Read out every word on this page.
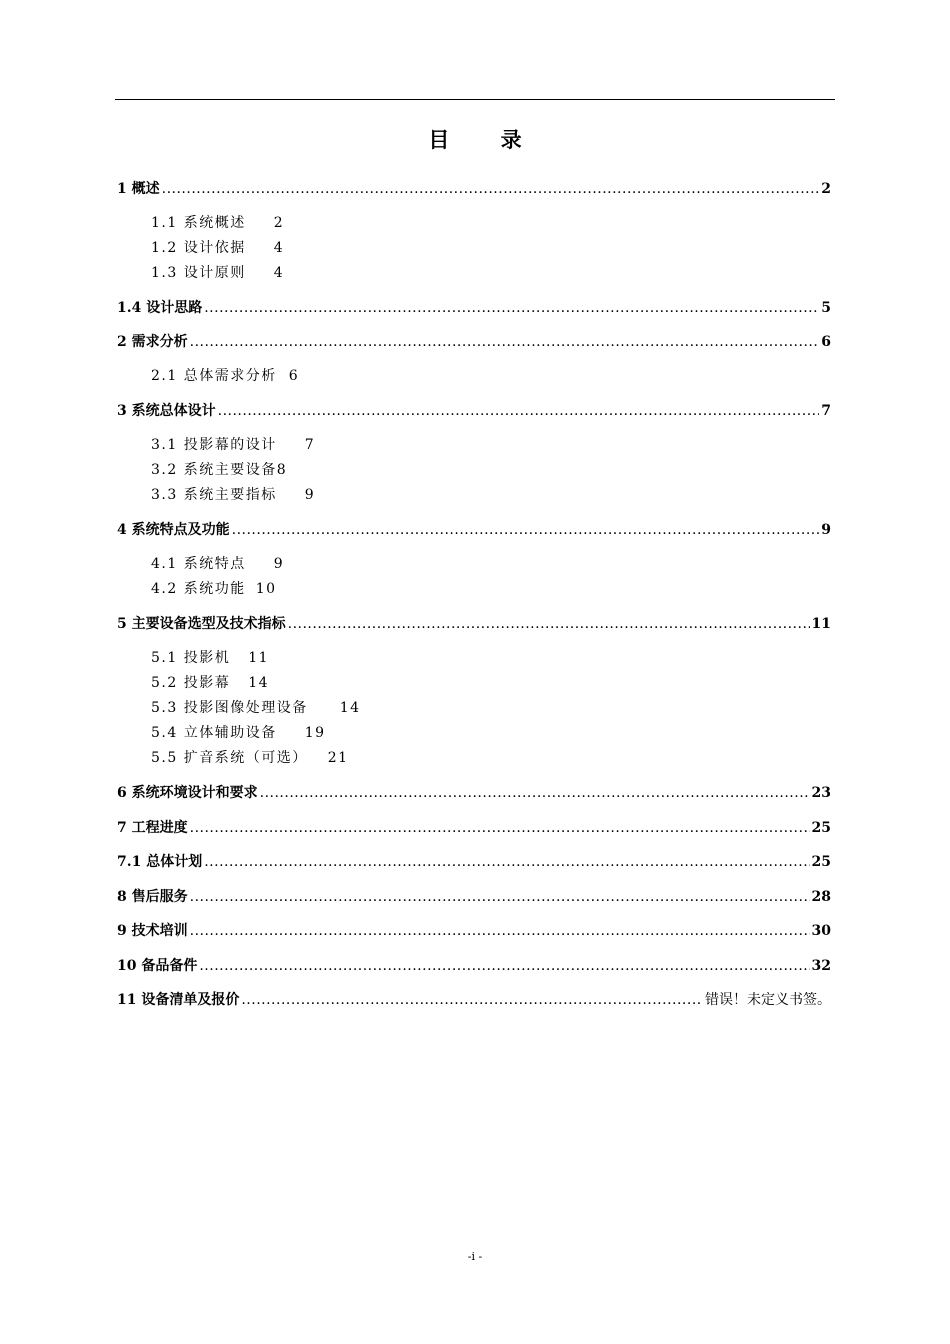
目 录
1 概述 .....	2
1.1 系统概述 2
1.2 设计依据 4
1.3 设计原则 4
1.4 设计思路 .....	5
2 需求分析 .....	6
2.1 总体需求分析 6
3 系统总体设计 .....	7
3.1 投影幕的设计 7
3.2 系统主要设备8
3.3 系统主要指标 9
4 系统特点及功能 .....	9
4.1 系统特点 9
4.2 系统功能 10
5 主要设备选型及技术指标 .....	11
5.1 投影机 11
5.2 投影幕 14
5.3 投影图像处理设备 14
5.4 立体辅助设备 19
5.5 扩音系统（可选） 21
6 系统环境设计和要求 .....	23
7 工程进度 .....	25
7.1 总体计划 .....	25
8 售后服务 .....	28
9 技术培训 .....	30
10 备品备件 .....	32
11 设备清单及报价 .....	错误！未定义书签。
-i -
